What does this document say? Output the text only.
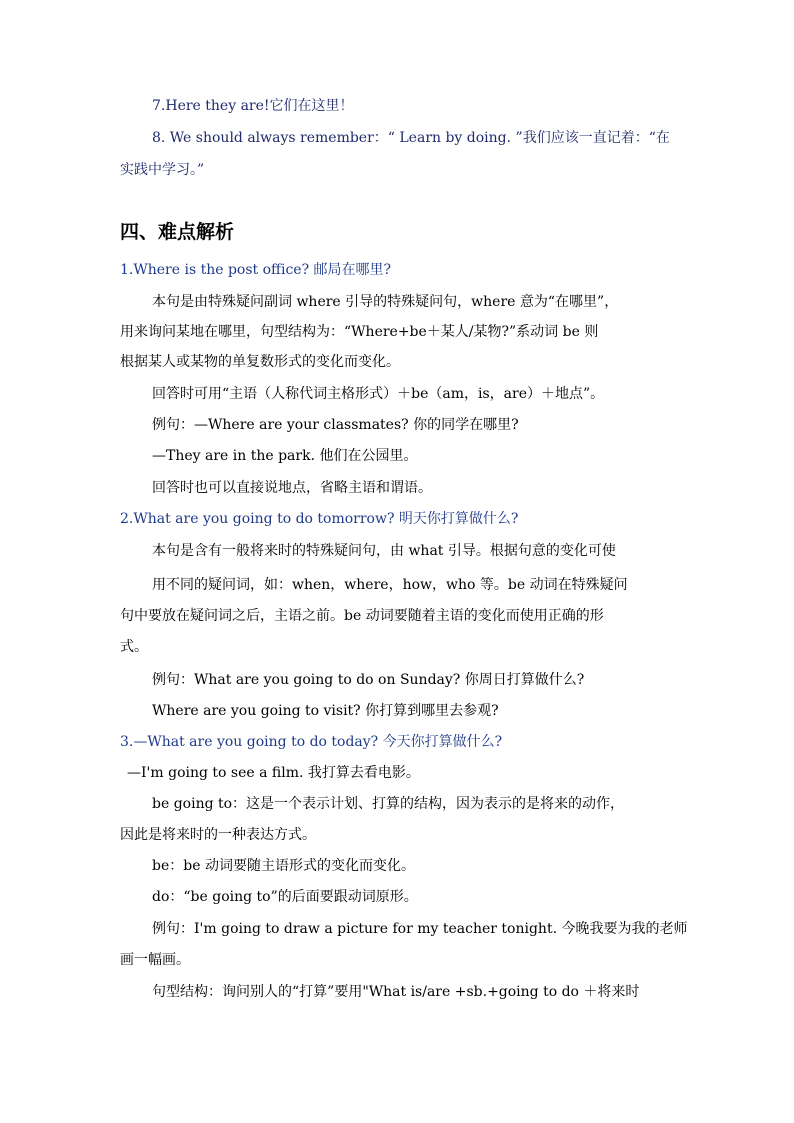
7.Here they are!它们在这里！
8. We should always remember：“ Learn by doing. ”我们应该一直记着：“在
实践中学习。”
四、难点解析
1.Where is the post office? 邮局在哪里?
本句是由特殊疑问副词 where 引导的特殊疑问句，where 意为“在哪里”，
用来询问某地在哪里，句型结构为：“Where+be＋某人/某物?”系动词 be 则
根据某人或某物的单复数形式的变化而变化。
回答时可用“主语（人称代词主格形式）＋be（am，is，are）＋地点”。
例句：—Where are your classmates? 你的同学在哪里?
—They are in the park. 他们在公园里。
回答时也可以直接说地点，省略主语和谓语。
2.What are you going to do tomorrow? 明天你打算做什么?
本句是含有一般将来时的特殊疑问句，由 what 引导。根据句意的变化可使
用不同的疑问词，如：when，where，how，who 等。be 动词在特殊疑问
句中要放在疑问词之后，主语之前。be 动词要随着主语的变化而使用正确的形
式。
例句：What are you going to do on Sunday? 你周日打算做什么?
Where are you going to visit? 你打算到哪里去参观?
3.—What are you going to do today? 今天你打算做什么?
—I'm going to see a film. 我打算去看电影。
be going to：这是一个表示计划、打算的结构，因为表示的是将来的动作，
因此是将来时的一种表达方式。
be：be 动词要随主语形式的变化而变化。
do：“be going to”的后面要跟动词原形。
例句：I'm going to draw a picture for my teacher tonight. 今晚我要为我的老师
画一幅画。
句型结构：询问别人的“打算”要用"What is/are +sb.+going to do ＋将来时
